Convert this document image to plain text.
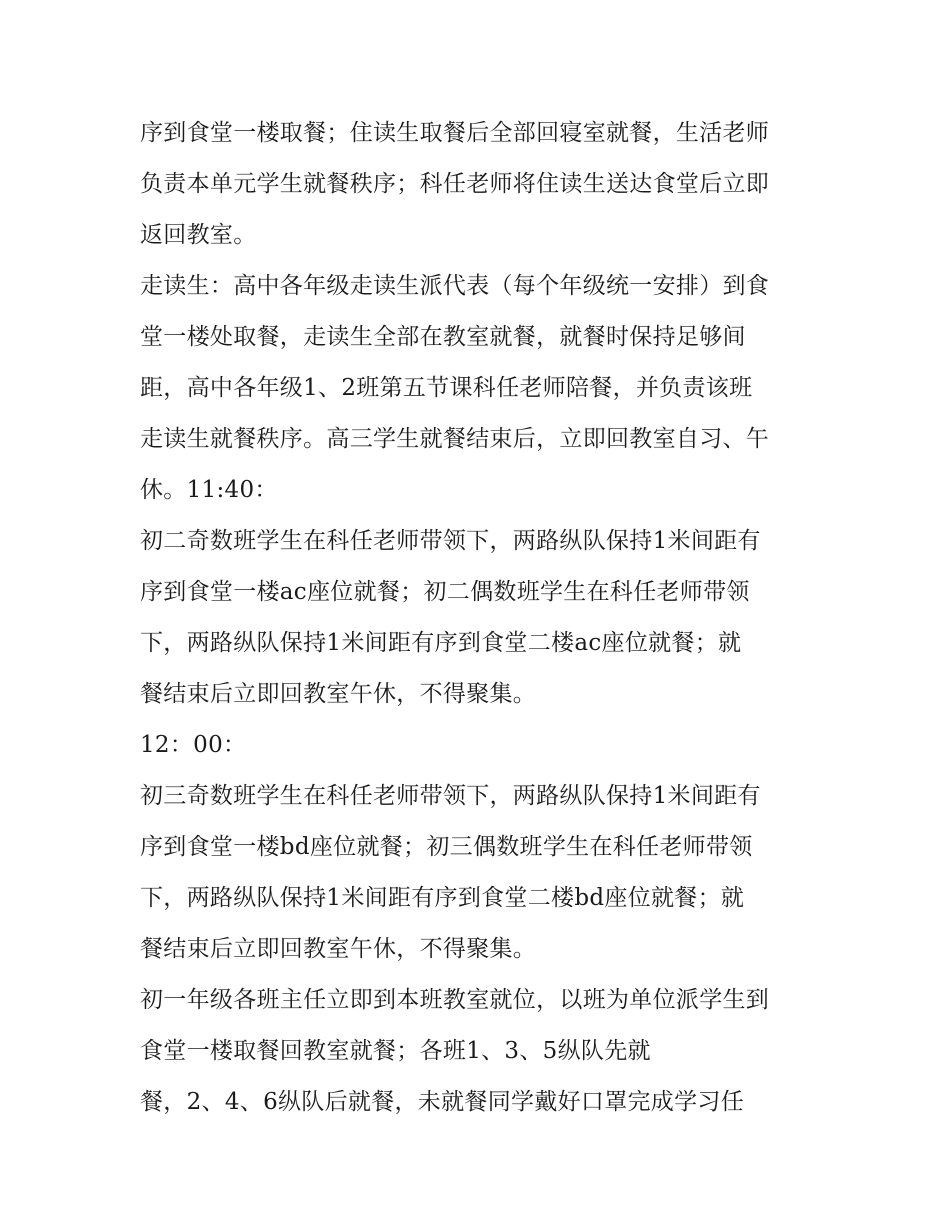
序到食堂一楼取餐；住读生取餐后全部回寝室就餐，生活老师
负责本单元学生就餐秩序；科任老师将住读生送达食堂后立即
返回教室。
走读生：高中各年级走读生派代表（每个年级统一安排）到食
堂一楼处取餐，走读生全部在教室就餐，就餐时保持足够间
距，高中各年级1、2班第五节课科任老师陪餐，并负责该班
走读生就餐秩序。高三学生就餐结束后，立即回教室自习、午
休。11:40：
初二奇数班学生在科任老师带领下，两路纵队保持1米间距有
序到食堂一楼ac座位就餐；初二偶数班学生在科任老师带领
下，两路纵队保持1米间距有序到食堂二楼ac座位就餐；就
餐结束后立即回教室午休，不得聚集。
12：00：
初三奇数班学生在科任老师带领下，两路纵队保持1米间距有
序到食堂一楼bd座位就餐；初三偶数班学生在科任老师带领
下，两路纵队保持1米间距有序到食堂二楼bd座位就餐；就
餐结束后立即回教室午休，不得聚集。
初一年级各班主任立即到本班教室就位，以班为单位派学生到
食堂一楼取餐回教室就餐；各班1、3、5纵队先就
餐，2、4、6纵队后就餐，未就餐同学戴好口罩完成学习任
